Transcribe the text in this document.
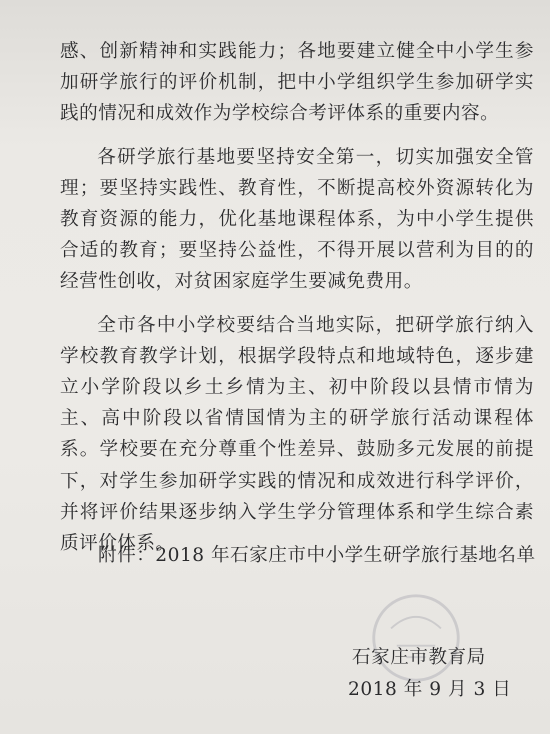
感、创新精神和实践能力；各地要建立健全中小学生参加研学旅行的评价机制，把中小学组织学生参加研学实践的情况和成效作为学校综合考评体系的重要内容。

各研学旅行基地要坚持安全第一，切实加强安全管理；要坚持实践性、教育性，不断提高校外资源转化为教育资源的能力，优化基地课程体系，为中小学生提供合适的教育；要坚持公益性，不得开展以营利为目的的经营性创收，对贫困家庭学生要减免费用。

全市各中小学校要结合当地实际，把研学旅行纳入学校教育教学计划，根据学段特点和地域特色，逐步建立小学阶段以乡土乡情为主、初中阶段以县情市情为主、高中阶段以省情国情为主的研学旅行活动课程体系。学校要在充分尊重个性差异、鼓励多元发展的前提下，对学生参加研学实践的情况和成效进行科学评价，并将评价结果逐步纳入学生学分管理体系和学生综合素质评价体系。

附件：2018 年石家庄市中小学生研学旅行基地名单
石家庄市教育局
2018 年 9 月 3 日
